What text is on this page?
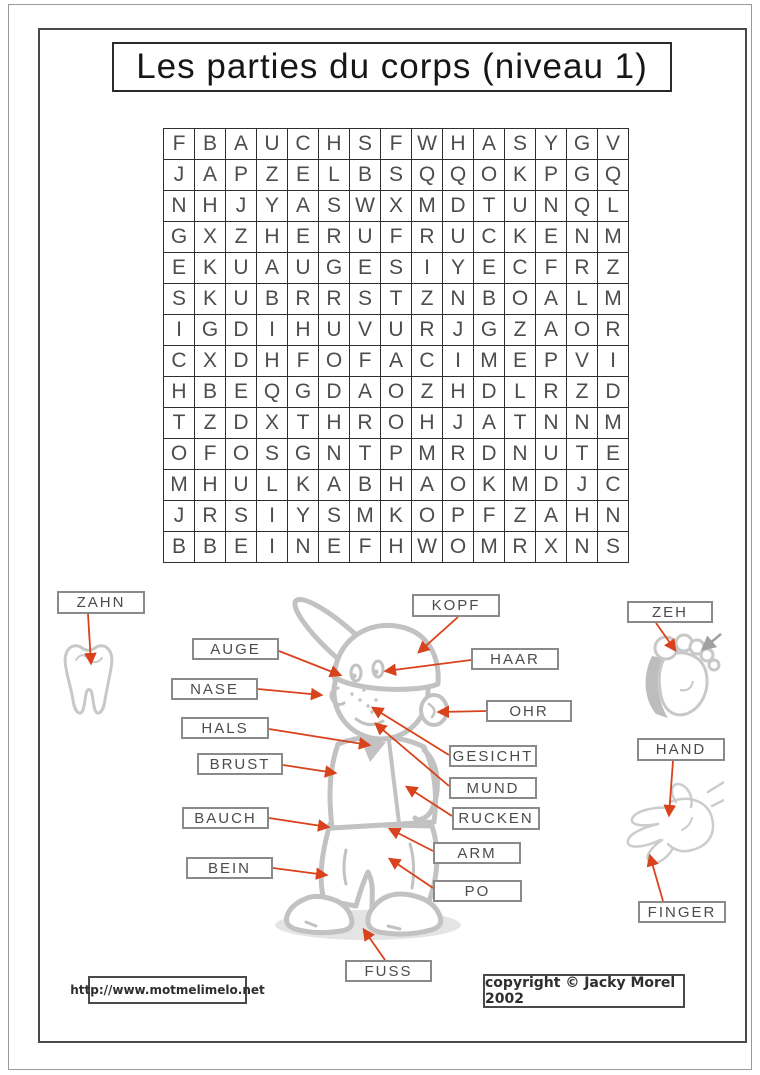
Les parties du corps (niveau 1)
F	B	A	U	C	H	S	F	W	H	A	S	Y	G	V
J	A	P	Z	E	L	B	S	Q	Q	O	K	P	G	Q
N	H	J	Y	A	S	W	X	M	D	T	U	N	Q	L
G	X	Z	H	E	R	U	F	R	U	C	K	E	N	M
E	K	U	A	U	G	E	S	I	Y	E	C	F	R	Z
S	K	U	B	R	R	S	T	Z	N	B	O	A	L	M
I	G	D	I	H	U	V	U	R	J	G	Z	A	O	R
C	X	D	H	F	O	F	A	C	I	M	E	P	V	I
H	B	E	Q	G	D	A	O	Z	H	D	L	R	Z	D
T	Z	D	X	T	H	R	O	H	J	A	T	N	N	M
O	F	O	S	G	N	T	P	M	R	D	N	U	T	E
M	H	U	L	K	A	B	H	A	O	K	M	D	J	C
J	R	S	I	Y	S	M	K	O	P	F	Z	A	H	N
B	B	E	I	N	E	F	H	W	O	M	R	X	N	S
ZAHN	KOPF	ZEH
AUGE
HAAR
NASE
OHR
HALS
GESICHT
BRUST
MUND
RUCKEN
HAND
BAUCH
ARM
BEIN
PO
FINGER
FUSS
http://www.motmelimelo.net	copyright © Jacky Morel 2002
